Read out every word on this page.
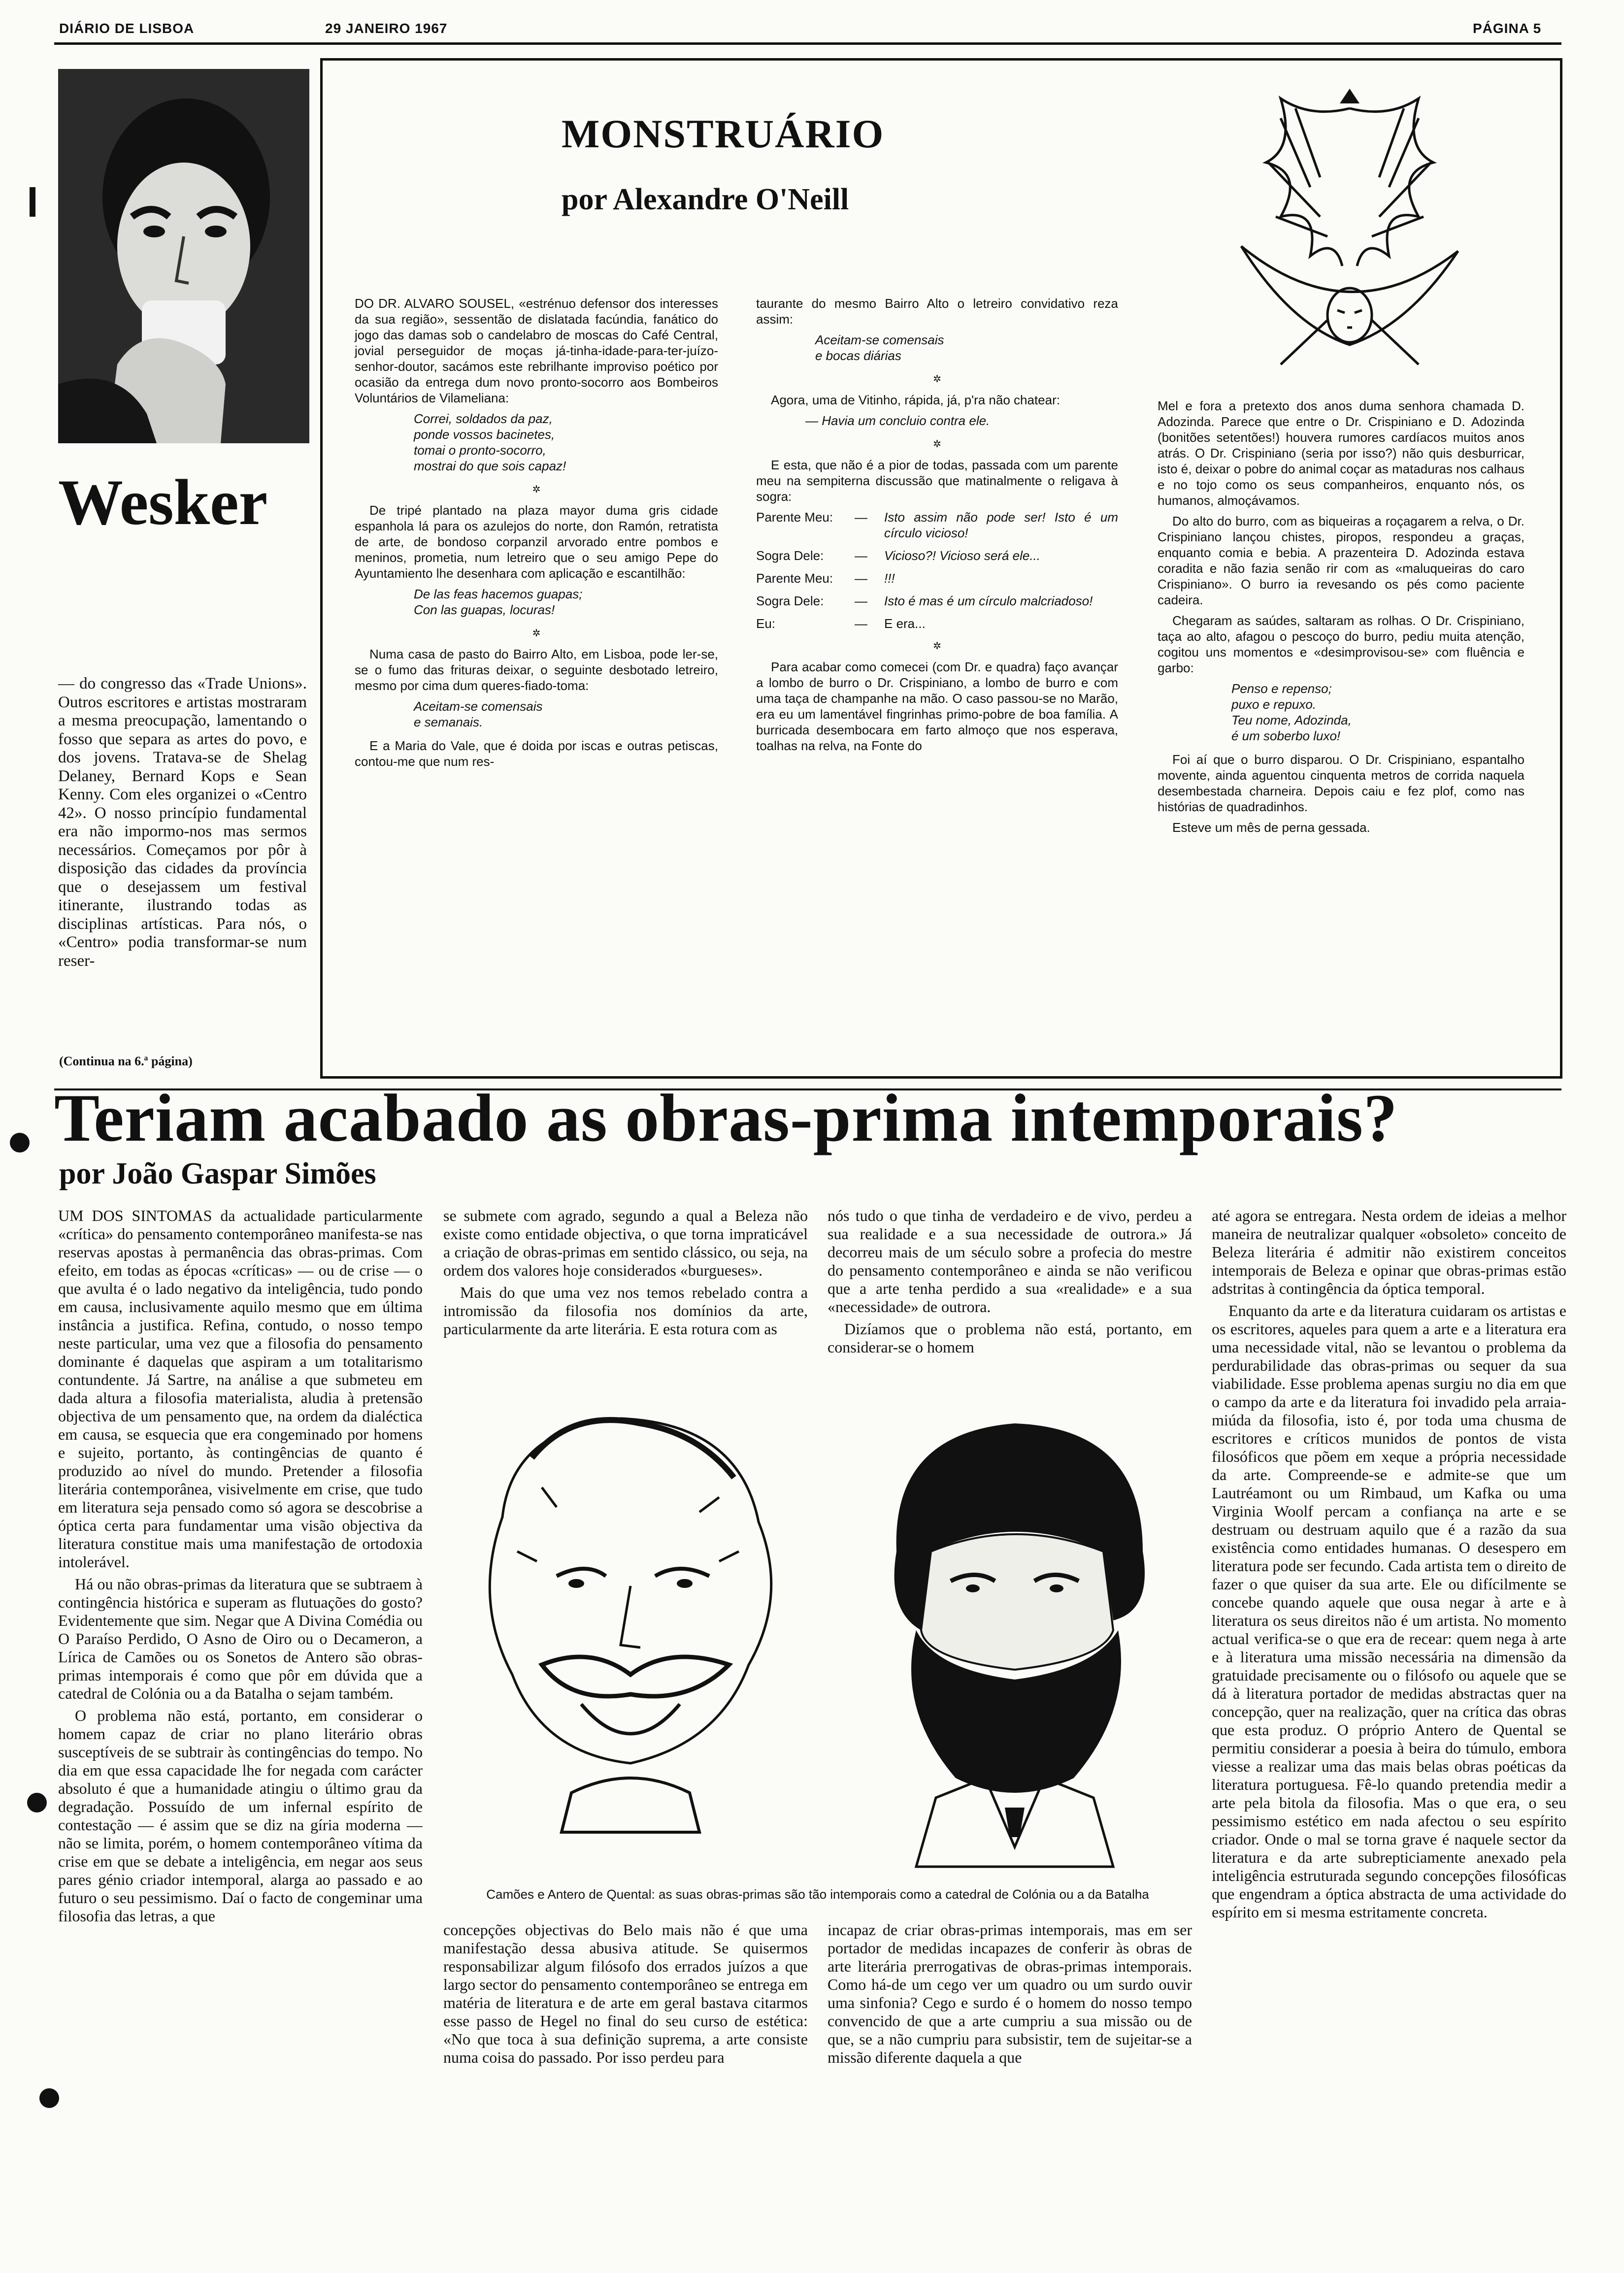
DIÁRIO DE LISBOA	29 JANEIRO 1967	PÁGINA 5
Wesker
— do congresso das «Trade Unions». Outros escritores e artistas mostraram a mesma preocupação, lamentando o fosso que separa as artes do povo, e dos jovens. Tratava-se de Shelag Delaney, Bernard Kops e Sean Kenny. Com eles organizei o «Centro 42». O nosso princípio fundamental era não impormo-nos mas sermos necessários. Começamos por pôr à disposição das cidades da província que o desejassem um festival itinerante, ilustrando todas as disciplinas artísticas. Para nós, o «Centro» podia transformar-se num reser-
(Continua na 6.ª página)
MONSTRUÁRIO
por Alexandre O'Neill

DO DR. ALVARO SOUSEL, «estrénuo defensor dos interesses da sua região», sessentão de dislatada facúndia, fanático do jogo das damas sob o candelabro de moscas do Café Central, jovial perseguidor de moças já-tinha-idade-para-ter-juízo-senhor-doutor, sacámos este rebrilhante improviso poético por ocasião da entrega dum novo pronto-socorro aos Bombeiros Voluntários de Vilameliana:

Correi, soldados da paz,
ponde vossos bacinetes,
tomai o pronto-socorro,
mostrai do que sois capaz!
✲

De tripé plantado na plaza mayor duma gris cidade espanhola lá para os azulejos do norte, don Ramón, retratista de arte, de bondoso corpanzil arvorado entre pombos e meninos, prometia, num letreiro que o seu amigo Pepe do Ayuntamiento lhe desenhara com aplicação e escantilhão:

De las feas hacemos guapas;
Con las guapas, locuras!
✲

Numa casa de pasto do Bairro Alto, em Lisboa, pode ler-se, se o fumo das frituras deixar, o seguinte desbotado letreiro, mesmo por cima dum queres-fiado-toma:

Aceitam-se comensais
e semanais.

E a Maria do Vale, que é doida por iscas e outras petiscas, contou-me que num res-

taurante do mesmo Bairro Alto o letreiro convidativo reza assim:

Aceitam-se comensais
e bocas diárias
✲

Agora, uma de Vitinho, rápida, já, p'ra não chatear:

— Havia um concluio contra ele.
✲

E esta, que não é a pior de todas, passada com um parente meu na sempiterna discussão que matinalmente o religava à sogra:

Parente Meu:	—	Isto assim não pode ser! Isto é um círculo vicioso!
Sogra Dele:	—	Vicioso?! Vicioso será ele...
Parente Meu:	—	!!!
Sogra Dele:	—	Isto é mas é um círculo malcriadoso!
Eu:	—	E era...
✲

Para acabar como comecei (com Dr. e quadra) faço avançar a lombo de burro o Dr. Crispiniano, a lombo de burro e com uma taça de champanhe na mão. O caso passou-se no Marão, era eu um lamentável fingrinhas primo-pobre de boa família. A burricada desembocara em farto almoço que nos esperava, toalhas na relva, na Fonte do

Mel e fora a pretexto dos anos duma senhora chamada D. Adozinda. Parece que entre o Dr. Crispiniano e D. Adozinda (bonitões setentões!) houvera rumores cardíacos muitos anos atrás. O Dr. Crispiniano (seria por isso?) não quis desburricar, isto é, deixar o pobre do animal coçar as mataduras nos calhaus e no tojo como os seus companheiros, enquanto nós, os humanos, almoçávamos.

Do alto do burro, com as biqueiras a roçagarem a relva, o Dr. Crispiniano lançou chistes, piropos, respondeu a graças, enquanto comia e bebia. A prazenteira D. Adozinda estava coradita e não fazia senão rir com as «maluqueiras do caro Crispiniano». O burro ia revesando os pés como paciente cadeira.

Chegaram as saúdes, saltaram as rolhas. O Dr. Crispiniano, taça ao alto, afagou o pescoço do burro, pediu muita atenção, cogitou uns momentos e «desimprovisou-se» com fluência e garbo:

Penso e repenso;
puxo e repuxo.
Teu nome, Adozinda,
é um soberbo luxo!

Foi aí que o burro disparou. O Dr. Crispiniano, espantalho movente, ainda aguentou cinquenta metros de corrida naquela desembestada charneira. Depois caiu e fez plof, como nas histórias de quadradinhos.

Esteve um mês de perna gessada.

Teriam acabado as obras-prima intemporais?
por João Gaspar Simões

UM DOS SINTOMAS da actualidade particularmente «crítica» do pensamento contemporâneo manifesta-se nas reservas apostas à permanência das obras-primas. Com efeito, em todas as épocas «críticas» — ou de crise — o que avulta é o lado negativo da inteligência, tudo pondo em causa, inclusivamente aquilo mesmo que em última instância a justifica. Refina, contudo, o nosso tempo neste particular, uma vez que a filosofia do pensamento dominante é daquelas que aspiram a um totalitarismo contundente. Já Sartre, na análise a que submeteu em dada altura a filosofia materialista, aludia à pretensão objectiva de um pensamento que, na ordem da dialéctica em causa, se esquecia que era congeminado por homens e sujeito, portanto, às contingências de quanto é produzido ao nível do mundo. Pretender a filosofia literária contemporânea, visivelmente em crise, que tudo em literatura seja pensado como só agora se descobrise a óptica certa para fundamentar uma visão objectiva da literatura constitue mais uma manifestação de ortodoxia intolerável.

Há ou não obras-primas da literatura que se subtraem à contingência histórica e superam as flutuações do gosto? Evidentemente que sim. Negar que A Divina Comédia ou O Paraíso Perdido, O Asno de Oiro ou o Decameron, a Lírica de Camões ou os Sonetos de Antero são obras-primas intemporais é como que pôr em dúvida que a catedral de Colónia ou a da Batalha o sejam também.

O problema não está, portanto, em considerar o homem capaz de criar no plano literário obras susceptíveis de se subtrair às contingências do tempo. No dia em que essa capacidade lhe for negada com carácter absoluto é que a humanidade atingiu o último grau da degradação. Possuído de um infernal espírito de contestação — é assim que se diz na gíria moderna — não se limita, porém, o homem contemporâneo vítima da crise em que se debate a inteligência, em negar aos seus pares génio criador intemporal, alarga ao passado e ao futuro o seu pessimismo. Daí o facto de congeminar uma filosofia das letras, a que

se submete com agrado, segundo a qual a Beleza não existe como entidade objectiva, o que torna impraticável a criação de obras-primas em sentido clássico, ou seja, na ordem dos valores hoje considerados «burgueses».

Mais do que uma vez nos temos rebelado contra a intromissão da filosofia nos domínios da arte, particularmente da arte literária. E esta rotura com as

nós tudo o que tinha de verdadeiro e de vivo, perdeu a sua realidade e a sua necessidade de outrora.» Já decorreu mais de um século sobre a profecia do mestre do pensamento contemporâneo e ainda se não verificou que a arte tenha perdido a sua «realidade» e a sua «necessidade» de outrora.

Dizíamos que o problema não está, portanto, em considerar-se o homem

Camões e Antero de Quental: as suas obras-primas são tão intemporais como a catedral de Colónia ou a da Batalha

concepções objectivas do Belo mais não é que uma manifestação dessa abusiva atitude. Se quisermos responsabilizar algum filósofo dos errados juízos a que largo sector do pensamento contemporâneo se entrega em matéria de literatura e de arte em geral bastava citarmos esse passo de Hegel no final do seu curso de estética: «No que toca à sua definição suprema, a arte consiste numa coisa do passado. Por isso perdeu para

incapaz de criar obras-primas intemporais, mas em ser portador de medidas incapazes de conferir às obras de arte literária prerrogativas de obras-primas intemporais. Como há-de um cego ver um quadro ou um surdo ouvir uma sinfonia? Cego e surdo é o homem do nosso tempo convencido de que a arte cumpriu a sua missão ou de que, se a não cumpriu para subsistir, tem de sujeitar-se a missão diferente daquela a que

até agora se entregara. Nesta ordem de ideias a melhor maneira de neutralizar qualquer «obsoleto» conceito de Beleza literária é admitir não existirem conceitos intemporais de Beleza e opinar que obras-primas estão adstritas à contingência da óptica temporal.

Enquanto da arte e da literatura cuidaram os artistas e os escritores, aqueles para quem a arte e a literatura era uma necessidade vital, não se levantou o problema da perdurabilidade das obras-primas ou sequer da sua viabilidade. Esse problema apenas surgiu no dia em que o campo da arte e da literatura foi invadido pela arraia-miúda da filosofia, isto é, por toda uma chusma de escritores e críticos munidos de pontos de vista filosóficos que põem em xeque a própria necessidade da arte. Compreende-se e admite-se que um Lautréamont ou um Rimbaud, um Kafka ou uma Virginia Woolf percam a confiança na arte e se destruam ou destruam aquilo que é a razão da sua existência como entidades humanas. O desespero em literatura pode ser fecundo. Cada artista tem o direito de fazer o que quiser da sua arte. Ele ou difícilmente se concebe quando aquele que ousa negar à arte e à literatura os seus direitos não é um artista. No momento actual verifica-se o que era de recear: quem nega à arte e à literatura uma missão necessária na dimensão da gratuidade precisamente ou o filósofo ou aquele que se dá à literatura portador de medidas abstractas quer na concepção, quer na realização, quer na crítica das obras que esta produz. O próprio Antero de Quental se permitiu considerar a poesia à beira do túmulo, embora viesse a realizar uma das mais belas obras poéticas da literatura portuguesa. Fê-lo quando pretendia medir a arte pela bitola da filosofia. Mas o que era, o seu pessimismo estético em nada afectou o seu espírito criador. Onde o mal se torna grave é naquele sector da literatura e da arte subrepticiamente anexado pela inteligência estruturada segundo concepções filosóficas que engendram a óptica abstracta de uma actividade do espírito em si mesma estritamente concreta.
